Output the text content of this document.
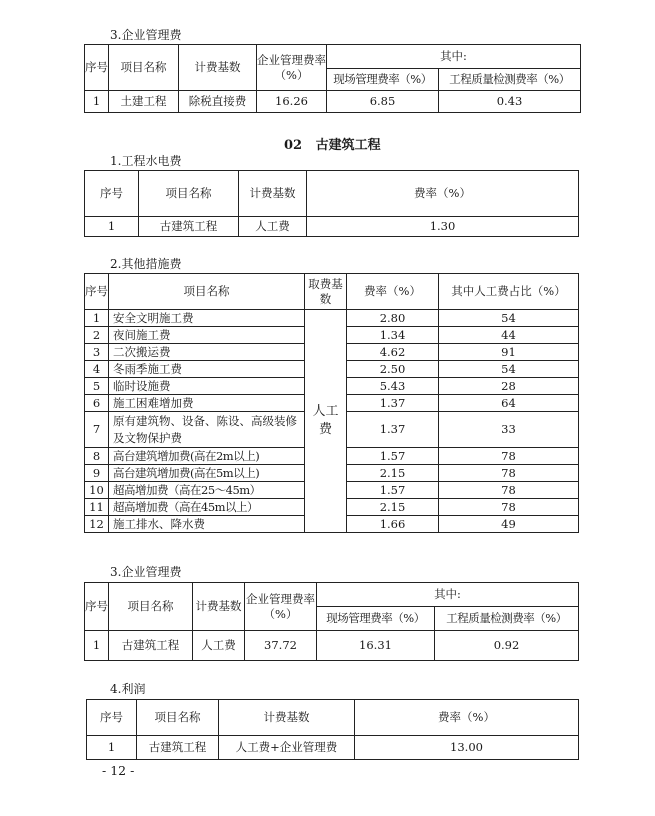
3.企业管理费
序号	项目名称	计费基数	企业管理费率（%）	其中:	
				现场管理费率（%）	工程质量检测费率（%）
1	土建工程	除税直接费	16.26	6.85	0.43
02 古建筑工程
1.工程水电费
序号	项目名称	计费基数	费率（%）
1	古建筑工程	人工费	1.30
2.其他措施费
序号	项目名称	取费基数	费率（%）	其中人工费占比（%）
1	安全文明施工费	人工费	2.80	54
2	夜间施工费		1.34	44
3	二次搬运费		4.62	91
4	冬雨季施工费		2.50	54
5	临时设施费		5.43	28
6	施工困难增加费		1.37	64
7	原有建筑物、设备、陈设、高级装修及文物保护费		1.37	33
8	高台建筑增加费(高在2m以上)		1.57	78
9	高台建筑增加费(高在5m以上)		2.15	78
10	超高增加费（高在25～45m）		1.57	78
11	超高增加费（高在45m以上）		2.15	78
12	施工排水、降水费		1.66	49
3.企业管理费
序号	项目名称	计费基数	企业管理费率（%）	其中:	
				现场管理费率（%）	工程质量检测费率（%）
1	古建筑工程	人工费	37.72	16.31	0.92
4.利润
序号	项目名称	计费基数	费率（%）
1	古建筑工程	人工费+企业管理费	13.00
- 12 -
